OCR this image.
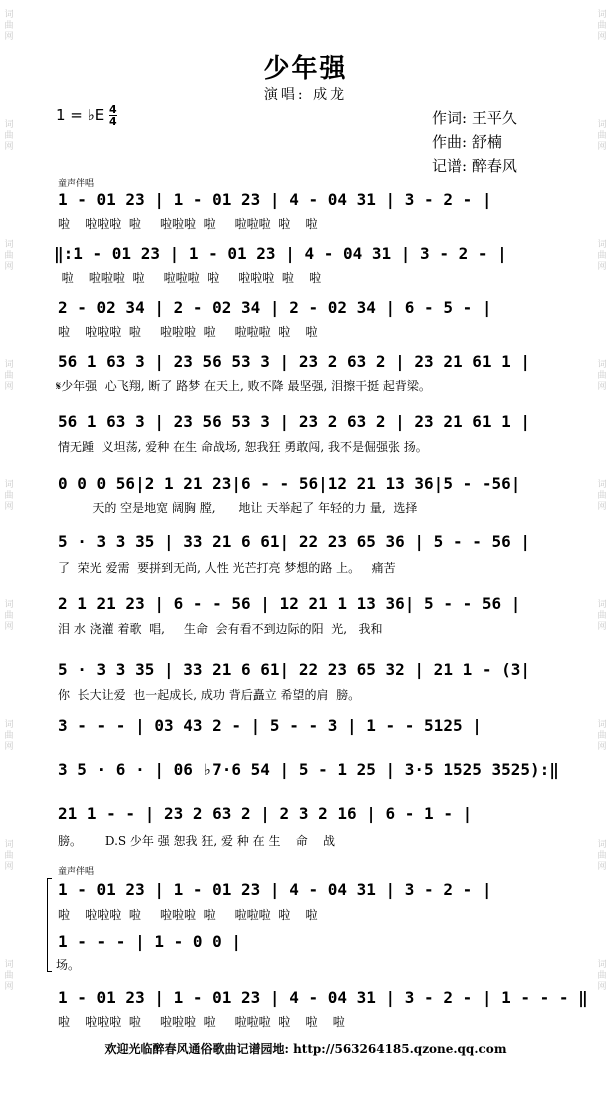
词
曲
网

词
曲
网

词
曲
网

词
曲
网

词
曲
网

词
曲
网

词
曲
网

词
曲
网

词
曲
网

词
曲
网

词
曲
网

词
曲
网

词
曲
网

词
曲
网

词
曲
网

词
曲
网

词
曲
网

词
曲
网

少年强
演唱: 成龙
1 = ♭E $\frac{4}{4}$	作词: 王平久
作曲: 舒楠
记谱: 醉春风
童声伴唱
童声伴唱
1 - 01 23 | 1 - 01 23 | 4 - 04 31 | 3 - 2 - |
啦    啦啦啦  啦     啦啦啦  啦     啦啦啦  啦    啦
‖:1 - 01 23 | 1 - 01 23 | 4 - 04 31 | 3 - 2 - |
啦    啦啦啦  啦     啦啦啦  啦     啦啦啦  啦    啦
2 - 02 34 | 2 - 02 34 | 2 - 02 34 | 6 - 5 - |
啦    啦啦啦  啦     啦啦啦  啦     啦啦啦  啦    啦
56 1 63 3 | 23 56 53 3 | 23 2 63 2 | 23 21 61 1 |
𝄋少年强  心飞翔, 断了 路梦 在天上, 败不降 最坚强, 泪擦干挺 起背梁。
56 1 63 3 | 23 56 53 3 | 23 2 63 2 | 23 21 61 1 |
情无踵  义坦荡, 爱种 在生 命战场, 恕我狂 勇敢闯, 我不是倔强张 扬。
0 0 0 56|2 1 21 23|6 - - 56|12 21 13 36|5 - -56|
天的 空是地宽 阔胸 膛,      地让 天举起了 年轻的力 量,  选择
5 · 3 3 35 | 33 21 6 61| 22 23 65 36 | 5 - - 56 |
了  荣光 爱需  要拼到无尚, 人性 光芒打亮 梦想的路 上。   痛苦
2 1 21 23 | 6 - - 56 | 12 21 1 13 36| 5 - - 56 |
泪 水 浇灌 着歌  唱,     生命  会有看不到边际的阳  光,   我和
5 · 3 3 35 | 33 21 6 61| 22 23 65 32 | 21 1 - (3|
你  长大让爱  也一起成长, 成功 背后矗立 希望的肩  膀。
3 - - - | 03 43 2 - | 5 - - 3 | 1 - - 5125 |
3 5 · 6 · | 06 ♭7·6 54 | 5 - 1 25 | 3·5 1525 3525):‖
21 1 - - | 23 2 63 2 | 2 3 2 16 | 6 - 1 - |
膀。      D.S 少年 强 恕我 狂, 爱 种 在 生    命    战
1 - 01 23 | 1 - 01 23 | 4 - 04 31 | 3 - 2 - |
啦    啦啦啦  啦     啦啦啦  啦     啦啦啦  啦    啦
1 - - - | 1 - 0 0 |
场。
1 - 01 23 | 1 - 01 23 | 4 - 04 31 | 3 - 2 - | 1 - - - ‖
啦    啦啦啦  啦     啦啦啦  啦     啦啦啦  啦    啦    啦
欢迎光临醉春风通俗歌曲记谱园地: http://563264185.qzone.qq.com
